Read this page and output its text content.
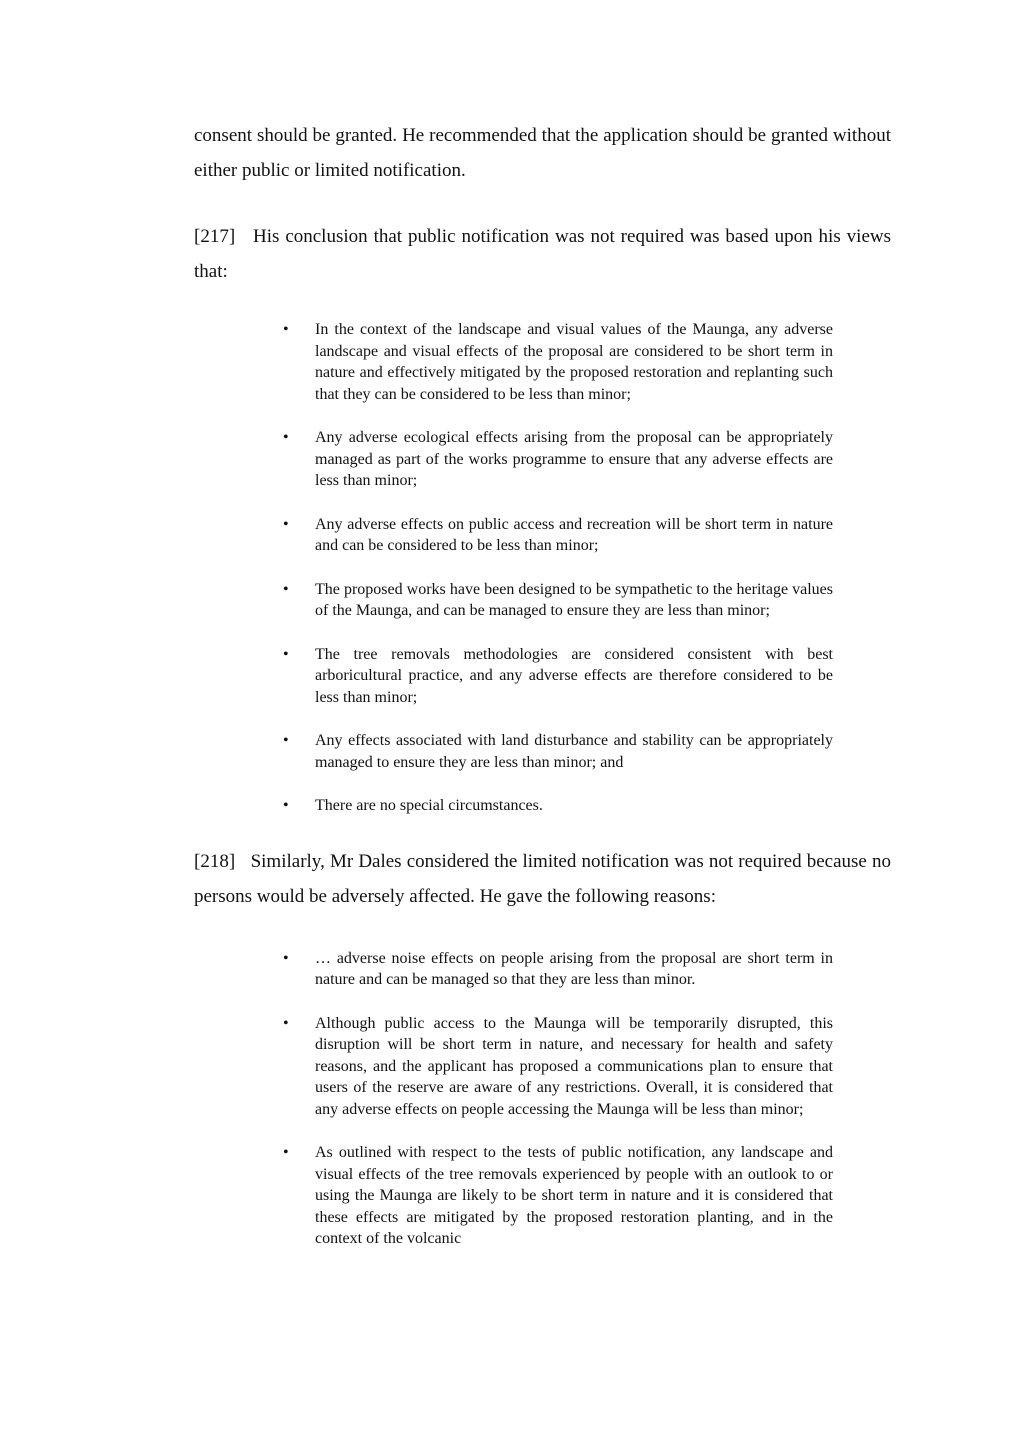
consent should be granted. He recommended that the application should be granted without either public or limited notification.

[217] His conclusion that public notification was not required was based upon his views that:

• In the context of the landscape and visual values of the Maunga, any adverse landscape and visual effects of the proposal are considered to be short term in nature and effectively mitigated by the proposed restoration and replanting such that they can be considered to be less than minor;
• Any adverse ecological effects arising from the proposal can be appropriately managed as part of the works programme to ensure that any adverse effects are less than minor;
• Any adverse effects on public access and recreation will be short term in nature and can be considered to be less than minor;
• The proposed works have been designed to be sympathetic to the heritage values of the Maunga, and can be managed to ensure they are less than minor;
• The tree removals methodologies are considered consistent with best arboricultural practice, and any adverse effects are therefore considered to be less than minor;
• Any effects associated with land disturbance and stability can be appropriately managed to ensure they are less than minor; and
• There are no special circumstances.

[218] Similarly, Mr Dales considered the limited notification was not required because no persons would be adversely affected. He gave the following reasons:

• … adverse noise effects on people arising from the proposal are short term in nature and can be managed so that they are less than minor.
• Although public access to the Maunga will be temporarily disrupted, this disruption will be short term in nature, and necessary for health and safety reasons, and the applicant has proposed a communications plan to ensure that users of the reserve are aware of any restrictions. Overall, it is considered that any adverse effects on people accessing the Maunga will be less than minor;
• As outlined with respect to the tests of public notification, any landscape and visual effects of the tree removals experienced by people with an outlook to or using the Maunga are likely to be short term in nature and it is considered that these effects are mitigated by the proposed restoration planting, and in the context of the volcanic
